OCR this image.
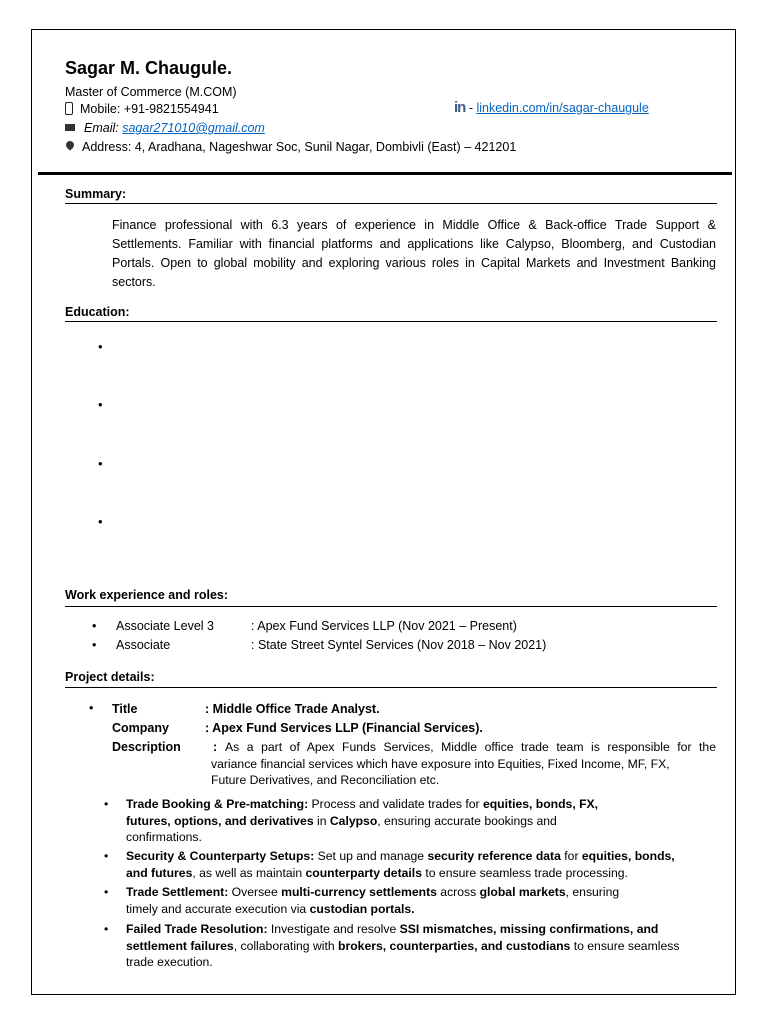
Sagar M. Chaugule.
Master of Commerce (M.COM)
Mobile: +91-9821554941	in - linkedin.com/in/sagar-chaugule
Email: sagar271010@gmail.com
Address: 4, Aradhana, Nageshwar Soc, Sunil Nagar, Dombivli (East) – 421201
Summary:
Finance professional with 6.3 years of experience in Middle Office & Back-office Trade Support & Settlements. Familiar with financial platforms and applications like Calypso, Bloomberg, and Custodian Portals. Open to global mobility and exploring various roles in Capital Markets and Investment Banking sectors.
Education:
•
•
•
•
Work experience and roles:
• Associate Level 3	: Apex Fund Services LLP (Nov 2021 – Present)
• Associate	: State Street Syntel Services (Nov 2018 – Nov 2021)
Project details:
• Title	: Middle Office Trade Analyst.
Company	: Apex Fund Services LLP (Financial Services).
Description	: As a part of Apex Funds Services, Middle office trade team is responsible for the
variance financial services which have exposure into Equities, Fixed Income, MF, FX,
Future Derivatives, and Reconciliation etc.
• Trade Booking & Pre-matching: Process and validate trades for equities, bonds, FX,
futures, options, and derivatives in Calypso, ensuring accurate bookings and
confirmations.
• Security & Counterparty Setups: Set up and manage security reference data for equities, bonds,
and futures, as well as maintain counterparty details to ensure seamless trade processing.
• Trade Settlement: Oversee multi-currency settlements across global markets, ensuring
timely and accurate execution via custodian portals.
• Failed Trade Resolution: Investigate and resolve SSI mismatches, missing confirmations, and
settlement failures, collaborating with brokers, counterparties, and custodians to ensure seamless
trade execution.
